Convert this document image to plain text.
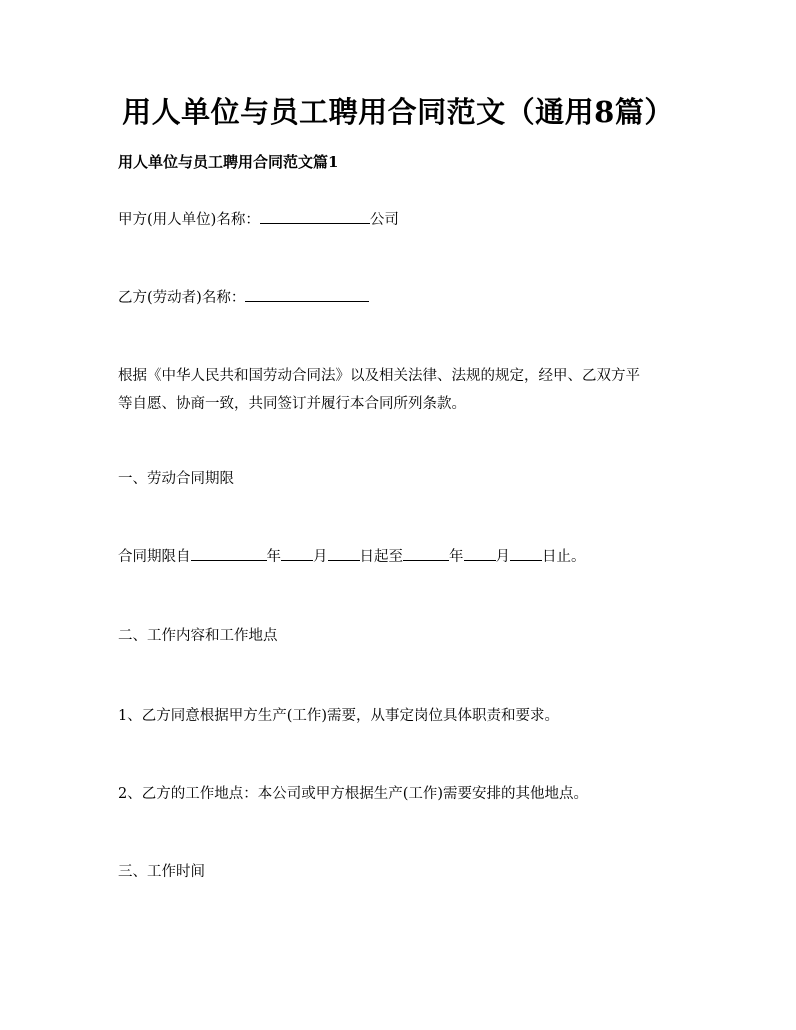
用人单位与员工聘用合同范文（通用8篇）
用人单位与员工聘用合同范文篇1
甲方(用人单位)名称：	公司
乙方(劳动者)名称：
根据《中华人民共和国劳动合同法》以及相关法律、法规的规定，经甲、乙双方平
等自愿、协商一致，共同签订并履行本合同所列条款。
一、劳动合同期限
合同期限自	年 月 日起至	年 月 日止。
二、工作内容和工作地点
1、乙方同意根据甲方生产(工作)需要，从事定岗位具体职责和要求。
2、乙方的工作地点：本公司或甲方根据生产(工作)需要安排的其他地点。
三、工作时间
